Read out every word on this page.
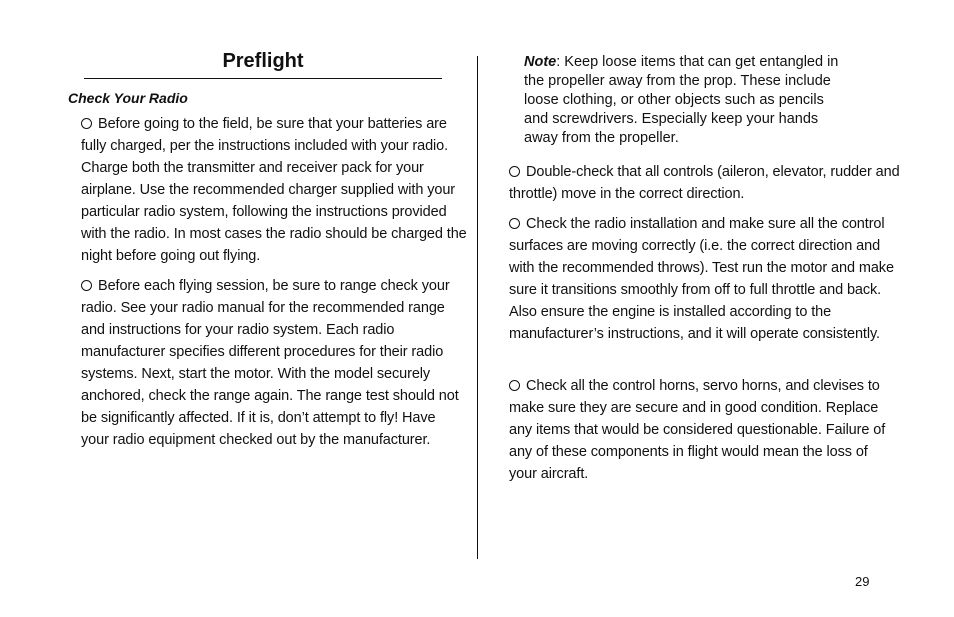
Preflight
Check Your Radio
Before going to the field, be sure that your batteries are fully charged, per the instructions included with your radio. Charge both the transmitter and receiver pack for your airplane. Use the recommended charger supplied with your particular radio system, following the instructions provided with the radio. In most cases the radio should be charged the night before going out flying.
Before each flying session, be sure to range check your radio. See your radio manual for the recommended range and instructions for your radio system. Each radio manufacturer specifies different procedures for their radio systems. Next, start the motor. With the model securely anchored, check the range again. The range test should not be significantly affected. If it is, don’t attempt to fly! Have your radio equipment checked out by the manufacturer.
Note: Keep loose items that can get entangled in the propeller away from the prop. These include loose clothing, or other objects such as pencils and screwdrivers. Especially keep your hands away from the propeller.
Double-check that all controls (aileron, elevator, rudder and throttle) move in the correct direction.
Check the radio installation and make sure all the control surfaces are moving correctly (i.e. the correct direction and with the recommended throws). Test run the motor and make sure it transitions smoothly from off to full throttle and back. Also ensure the engine is installed according to the manufacturer’s instructions, and it will operate consistently.
Check all the control horns, servo horns, and clevises to make sure they are secure and in good condition. Replace any items that would be considered questionable. Failure of any of these components in flight would mean the loss of your aircraft.
29
